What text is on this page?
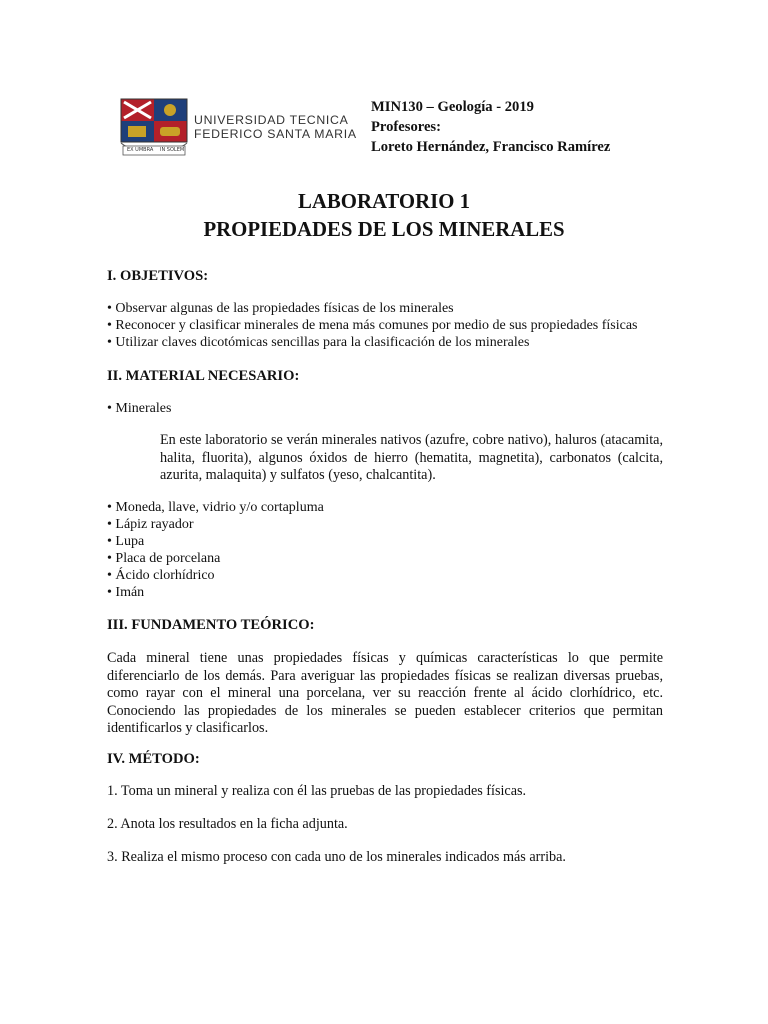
EX UMBRA IN SOLEM
UNIVERSIDAD TECNICA
FEDERICO SANTA MARIA
MIN130 – Geología - 2019
Profesores:
Loreto Hernández, Francisco Ramírez
LABORATORIO 1
PROPIEDADES DE LOS MINERALES
I. OBJETIVOS:
• Observar algunas de las propiedades físicas de los minerales
• Reconocer y clasificar minerales de mena más comunes por medio de sus propiedades físicas
• Utilizar claves dicotómicas sencillas para la clasificación de los minerales
II. MATERIAL NECESARIO:
• Minerales
En este laboratorio se verán minerales nativos (azufre, cobre nativo), haluros (atacamita, halita, fluorita), algunos óxidos de hierro (hematita, magnetita), carbonatos (calcita, azurita, malaquita) y sulfatos (yeso, chalcantita).
• Moneda, llave, vidrio y/o cortapluma
• Lápiz rayador
• Lupa
• Placa de porcelana
• Ácido clorhídrico
• Imán
III. FUNDAMENTO TEÓRICO:
Cada mineral tiene unas propiedades físicas y químicas características lo que permite diferenciarlo de los demás. Para averiguar las propiedades físicas se realizan diversas pruebas, como rayar con el mineral una porcelana, ver su reacción frente al ácido clorhídrico, etc. Conociendo las propiedades de los minerales se pueden establecer criterios que permitan identificarlos y clasificarlos.
IV. MÉTODO:
1. Toma un mineral y realiza con él las pruebas de las propiedades físicas.
2. Anota los resultados en la ficha adjunta.
3. Realiza el mismo proceso con cada uno de los minerales indicados más arriba.
